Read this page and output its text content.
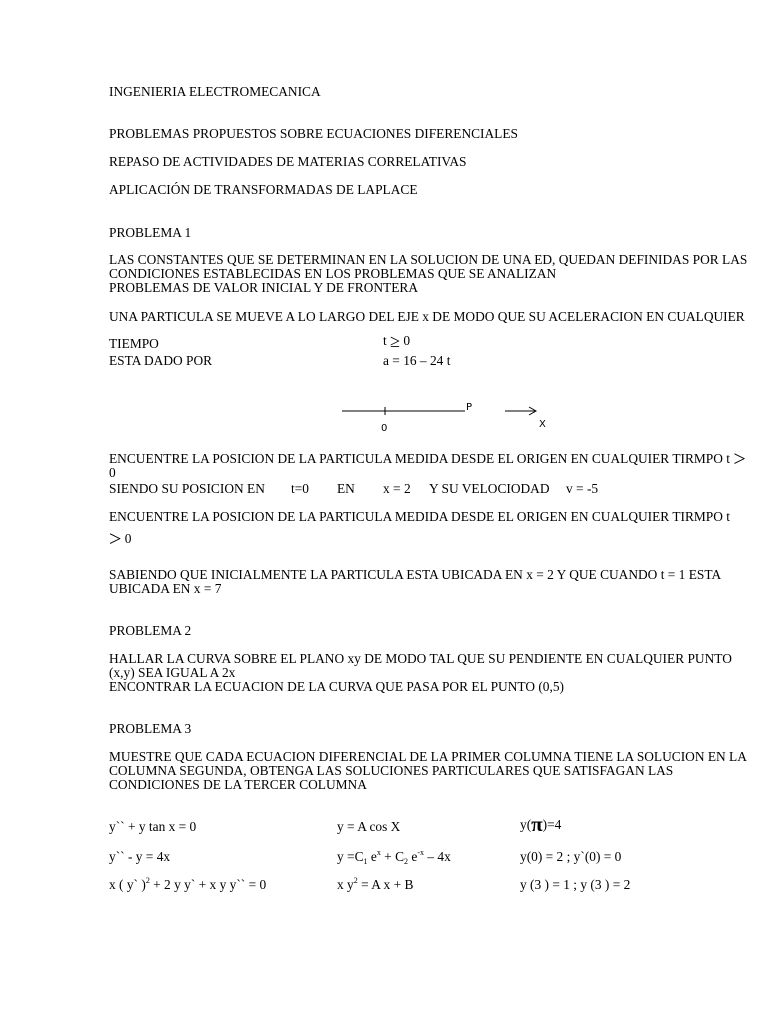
INGENIERIA ELECTROMECANICA
PROBLEMAS PROPUESTOS SOBRE ECUACIONES DIFERENCIALES
REPASO DE ACTIVIDADES DE MATERIAS CORRELATIVAS
APLICACIÓN DE TRANSFORMADAS DE LAPLACE
PROBLEMA 1
LAS CONSTANTES QUE SE DETERMINAN EN LA SOLUCION DE UNA ED, QUEDAN DEFINIDAS POR LAS
CONDICIONES ESTABLECIDAS EN LOS PROBLEMAS QUE SE ANALIZAN
PROBLEMAS DE VALOR INICIAL Y DE FRONTERA
UNA PARTICULA SE MUEVE A LO LARGO DEL EJE x DE MODO QUE SU ACELERACION EN CUALQUIER
TIEMPO	t ≥ 0
ESTA DADO POR	a = 16 – 24 t
P
0	X
ENCUENTRE LA POSICION DE LA PARTICULA MEDIDA DESDE EL ORIGEN EN CUALQUIER TIRMPO t >
0
SIENDO SU POSICION EN t=0 EN x = 2 Y SU VELOCIODAD v = -5
ENCUENTRE LA POSICION DE LA PARTICULA MEDIDA DESDE EL ORIGEN EN CUALQUIER TIRMPO t
> 0
SABIENDO QUE INICIALMENTE LA PARTICULA ESTA UBICADA EN x = 2 Y QUE CUANDO t = 1 ESTA
UBICADA EN x = 7
PROBLEMA 2
HALLAR LA CURVA SOBRE EL PLANO xy DE MODO TAL QUE SU PENDIENTE EN CUALQUIER PUNTO
(x,y) SEA IGUAL A 2x
ENCONTRAR LA ECUACION DE LA CURVA QUE PASA POR EL PUNTO (0,5)
PROBLEMA 3
MUESTRE QUE CADA ECUACION DIFERENCIAL DE LA PRIMER COLUMNA TIENE LA SOLUCION EN LA
COLUMNA SEGUNDA, OBTENGA LAS SOLUCIONES PARTICULARES QUE SATISFAGAN LAS
CONDICIONES DE LA TERCER COLUMNA
y`` + y tan x = 0	y = A cos X	y(π)=4
y`` - y = 4x	$y =C_1$ $e^x + C_2$ $e^{-x} - 4x$	y(0) = 2 ; y`(0) = 0
x ( y` )$^2$ + 2 y y` + x y y`` = 0	x $y^2 = A$ x + B	y (3 ) = 1 ; y (3 ) = 2
